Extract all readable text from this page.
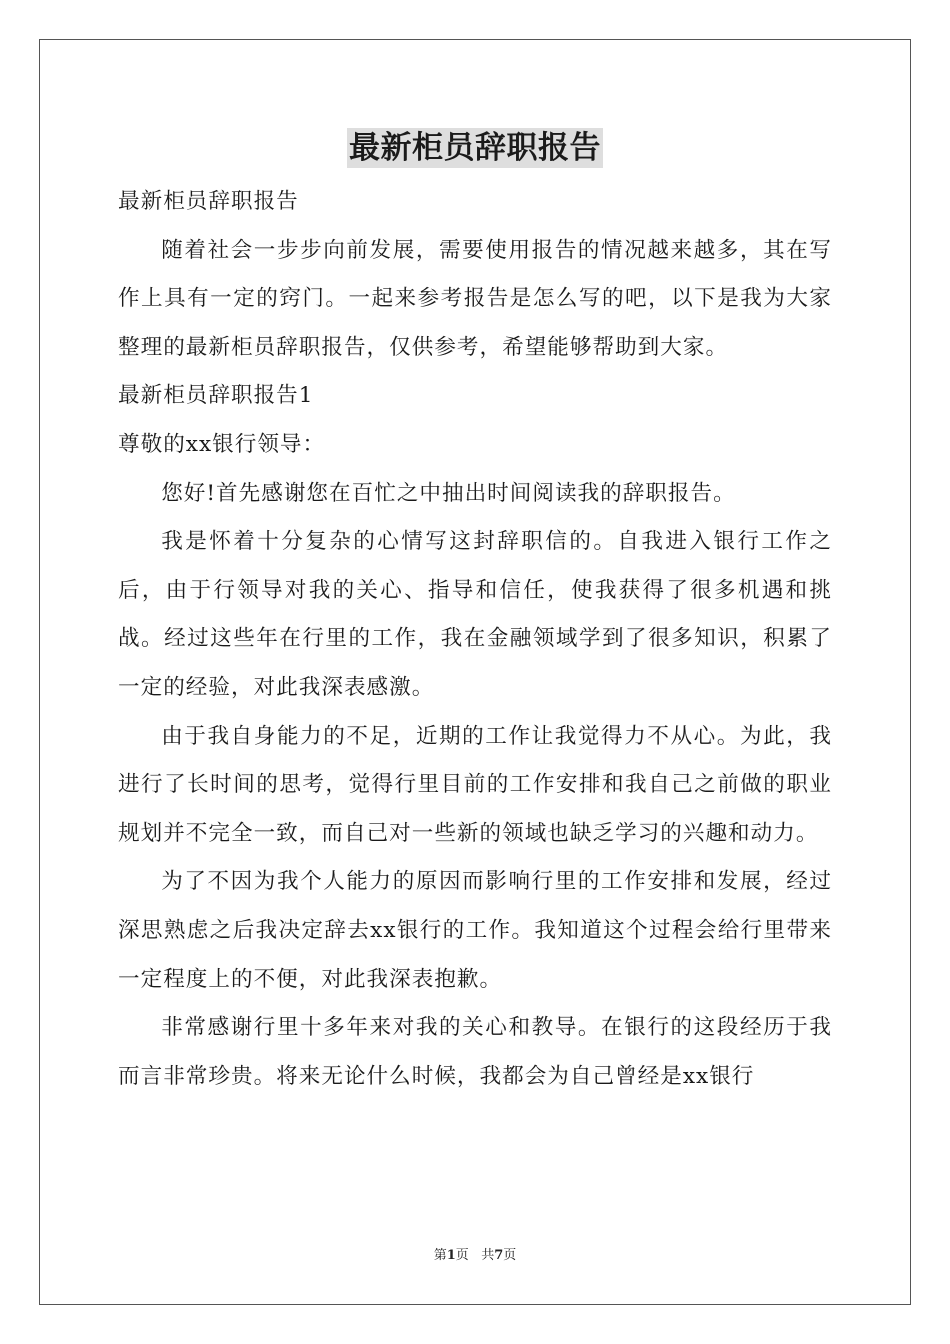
最新柜员辞职报告

最新柜员辞职报告

随着社会一步步向前发展，需要使用报告的情况越来越多，其在写作上具有一定的窍门。一起来参考报告是怎么写的吧，以下是我为大家整理的最新柜员辞职报告，仅供参考，希望能够帮助到大家。

最新柜员辞职报告1

尊敬的xx银行领导：

您好!首先感谢您在百忙之中抽出时间阅读我的辞职报告。

我是怀着十分复杂的心情写这封辞职信的。自我进入银行工作之后，由于行领导对我的关心、指导和信任，使我获得了很多机遇和挑战。经过这些年在行里的工作，我在金融领域学到了很多知识，积累了一定的经验，对此我深表感激。

由于我自身能力的不足，近期的工作让我觉得力不从心。为此，我进行了长时间的思考，觉得行里目前的工作安排和我自己之前做的职业规划并不完全一致，而自己对一些新的领域也缺乏学习的兴趣和动力。

为了不因为我个人能力的原因而影响行里的工作安排和发展，经过深思熟虑之后我决定辞去xx银行的工作。我知道这个过程会给行里带来一定程度上的不便，对此我深表抱歉。

非常感谢行里十多年来对我的关心和教导。在银行的这段经历于我而言非常珍贵。将来无论什么时候，我都会为自己曾经是xx银行

第1页 共7页
